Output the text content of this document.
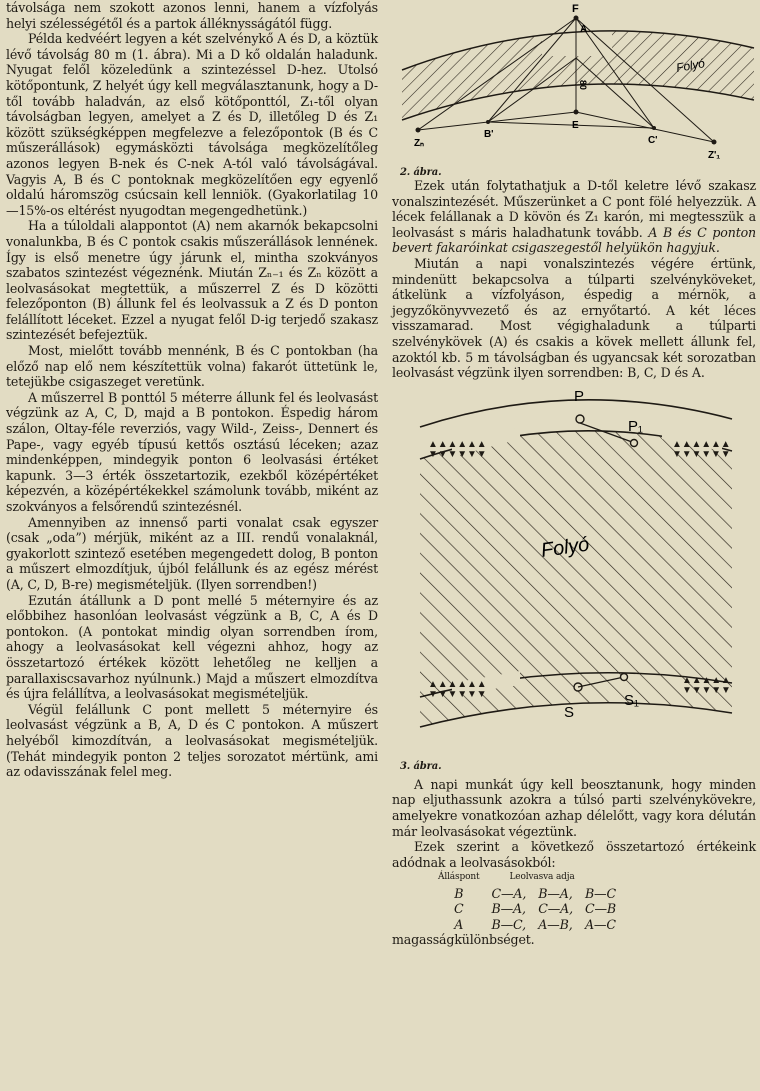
távolsága nem szokott azonos lenni, hanem a vízfolyás helyi szélességétől és a partok álléknysságától függ.

Példa kedvéért legyen a két szelvénykő A és D, a köztük lévő távolság 80 m (1. ábra). Mi a D kő oldalán haladunk. Nyugat felől közeledünk a szintezéssel D-hez. Utolsó kötőpontunk, Z helyét úgy kell megválasztanunk, hogy a D-től tovább haladván, az első kötőponttól, Z₁-től olyan távolságban legyen, amelyet a Z és D, illetőleg D és Z₁ között szükségképpen megfelezve a felezőpontok (B és C műszerállások) egymásközti távolsága megközelítőleg azonos legyen B-nek és C-nek A-tól való távolságával. Vagyis A, B és C pontoknak megközelítően egy egyenlő oldalú háromszög csúcsain kell lenniök. (Gyakorlatilag 10—15%-os eltérést nyugodtan megengedhetünk.)

Ha a túloldali alappontot (A) nem akarnók bekapcsolni vonalunkba, B és C pontok csakis műszerállások lennének. Így is első menetre úgy járunk el, mintha szokványos szabatos szintezést végeznénk. Miután Zₙ₋₁ és Zₙ között a leolvasásokat megtettük, a műszerrel Z és D közötti felezőponton (B) állunk fel és leolvassuk a Z és D ponton felállított léceket. Ezzel a nyugat felől D-ig terjedő szakasz szintezését befejeztük.

Most, mielőtt tovább mennénk, B és C pontokban (ha előző nap elő nem készítettük volna) fakarót üttetünk le, tetejükbe csigaszeget veretünk.

A műszerrel B ponttól 5 méterre állunk fel és leolvasást végzünk az A, C, D, majd a B pontokon. Éspedig három szálon, Oltay-féle reverziós, vagy Wild-, Zeiss-, Dennert és Pape-, vagy egyéb típusú kettős osztású léceken; azaz mindenképpen, mindegyik ponton 6 leolvasási értéket kapunk. 3—3 érték összetartozik, ezekből középértéket képezvén, a középértékekkel számolunk tovább, miként az szokványos a felsőrendű szintezésnél.

Amennyiben az innenső parti vonalat csak egyszer (csak „oda”) mérjük, miként az a III. rendű vonalaknál, gyakorlott szintező esetében megengedett dolog, B ponton a műszert elmozdítjuk, újból felállunk és az egész mérést (A, C, D, B-re) megismételjük. (Ilyen sorrendben!)

Ezután átállunk a D pont mellé 5 méternyire és az előbbihez hasonlóan leolvasást végzünk a B, C, A és D pontokon. (A pontokat mindig olyan sorrendben írom, ahogy a leolvasásokat kell végezni ahhoz, hogy az összetartozó értékek között lehetőleg ne kelljen a parallaxiscsavarhoz nyúlnunk.) Majd a műszert elmozdítva és újra felállítva, a leolvasásokat megismételjük.

Végül felállunk C pont mellett 5 méternyire és leolvasást végzünk a B, A, D és C pontokon. A műszert helyéből kimozdítván, a leolvasásokat megismételjük. (Tehát mindegyik ponton 2 teljes sorozatot mértünk, ami az odavisszának felel meg.

F
A
80
Folyó
E
Zₙ
B'
C'
Z'₁
2. ábra.

Ezek után folytathatjuk a D-től keletre lévő szakasz vonalszintezését. Műszerünket a C pont fölé helyezzük. A lécek felállanak a D kövön és Z₁ karón, mi megtesszük a leolvasást s máris haladhatunk tovább. A B és C ponton bevert fakaróinkat csigaszegestől helyükön hagyjuk.

Miután a napi vonalszintezés végére értünk, mindenütt bekapcsolva a túlparti szelvényköveket, átkelünk a vízfolyáson, éspedig a mérnök, a jegyzőkönyvvezető és az ernyőtartó. A két léces visszamarad. Most végighaladunk a túlparti szelvénykövek (A) és csakis a kövek mellett állunk fel, azoktól kb. 5 m távolságban és ugyancsak két sorozatban leolvasást végzünk ilyen sorrendben: B, C, D és A.

▲▲▲▲▲▲
▼▼▼▼▼▼
▲▲▲▲▲▲
▼▼▼▼▼▼
▲▲▲▲▲▲
▼▼▼▼▼▼
▲▲▲▲▲
▼▼▼▼▼
P
P₁
Folyó
S
S₁
3. ábra.

A napi munkát úgy kell beosztanunk, hogy minden nap eljuthassunk azokra a túlsó parti szelvénykövekre, amelyekre vonatkozóan azhap délelőtt, vagy kora délután már leolvasásokat végeztünk.

Ezek szerint a következő összetartozó értékeink adódnak a leolvasásokból:

Álláspont	Leolvasva adja		
B	C—A,	B—A,	B—C
C	B—A,	C—A,	C—B
A	B—C,	A—B,	A—C

magasságkülönbséget.
